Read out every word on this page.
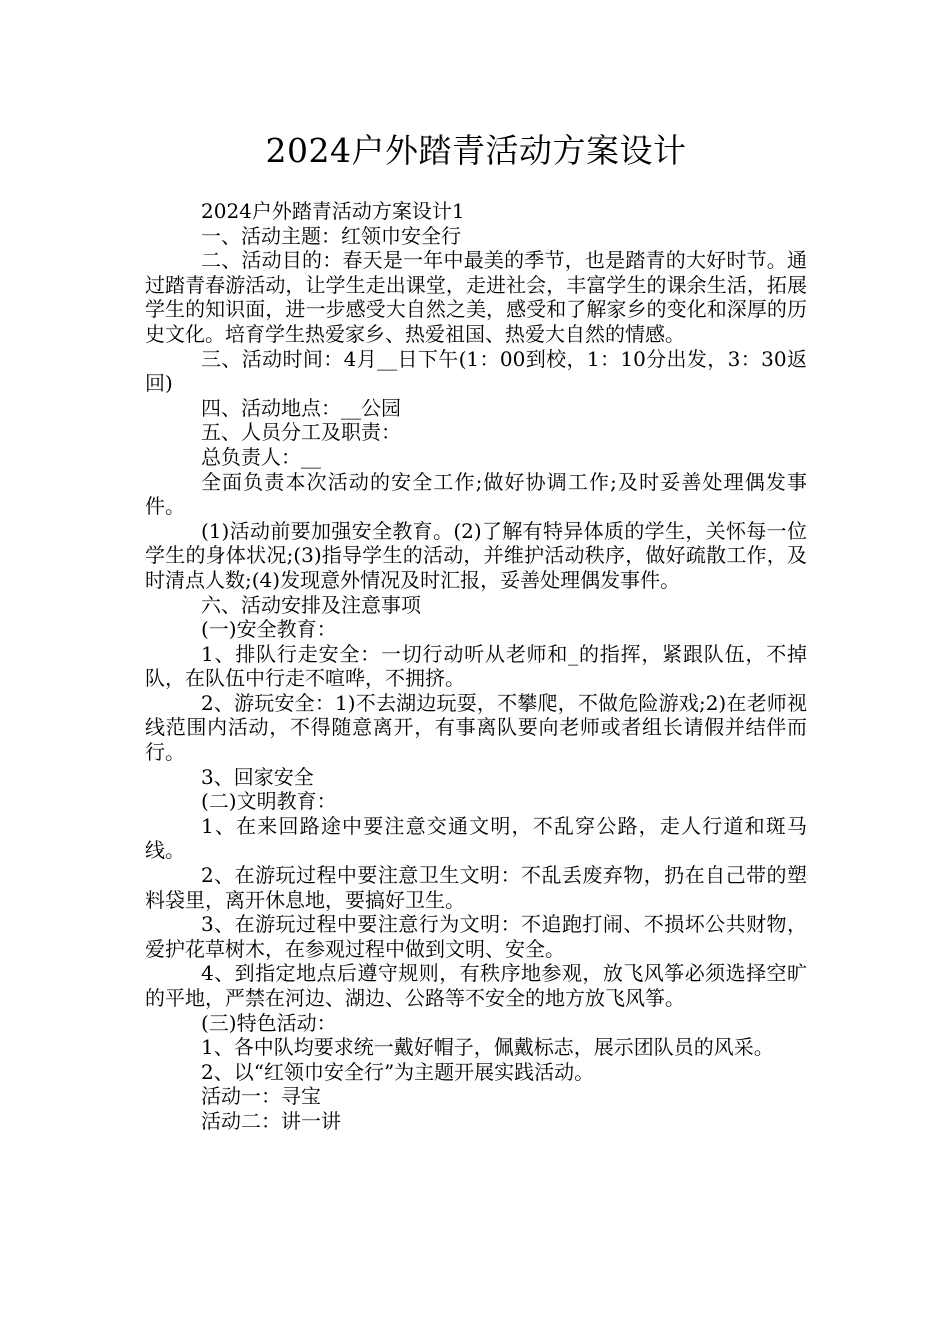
2024户外踏青活动方案设计

2024户外踏青活动方案设计1

一、活动主题：红领巾安全行

二、活动目的：春天是一年中最美的季节，也是踏青的大好时节。通过踏青春游活动，让学生走出课堂，走进社会，丰富学生的课余生活，拓展学生的知识面，进一步感受大自然之美，感受和了解家乡的变化和深厚的历史文化。培育学生热爱家乡、热爱祖国、热爱大自然的情感。

三、活动时间：4月__日下午(1：00到校，1：10分出发，3：30返回)

四、活动地点：__公园

五、人员分工及职责：

总负责人：__

全面负责本次活动的安全工作;做好协调工作;及时妥善处理偶发事件。

(1)活动前要加强安全教育。(2)了解有特异体质的学生，关怀每一位学生的身体状况;(3)指导学生的活动，并维护活动秩序，做好疏散工作，及时清点人数;(4)发现意外情况及时汇报，妥善处理偶发事件。

六、活动安排及注意事项

(一)安全教育：

1、排队行走安全：一切行动听从老师和_的指挥，紧跟队伍，不掉队，在队伍中行走不喧哗，不拥挤。

2、游玩安全：1)不去湖边玩耍，不攀爬，不做危险游戏;2)在老师视线范围内活动，不得随意离开，有事离队要向老师或者组长请假并结伴而行。

3、回家安全

(二)文明教育：

1、在来回路途中要注意交通文明，不乱穿公路，走人行道和斑马线。

2、在游玩过程中要注意卫生文明：不乱丢废弃物，扔在自己带的塑料袋里，离开休息地，要搞好卫生。

3、在游玩过程中要注意行为文明：不追跑打闹、不损坏公共财物，爱护花草树木，在参观过程中做到文明、安全。

4、到指定地点后遵守规则，有秩序地参观，放飞风筝必须选择空旷的平地，严禁在河边、湖边、公路等不安全的地方放飞风筝。

(三)特色活动：

1、各中队均要求统一戴好帽子，佩戴标志，展示团队员的风采。

2、以“红领巾安全行”为主题开展实践活动。

活动一：寻宝

活动二：讲一讲
